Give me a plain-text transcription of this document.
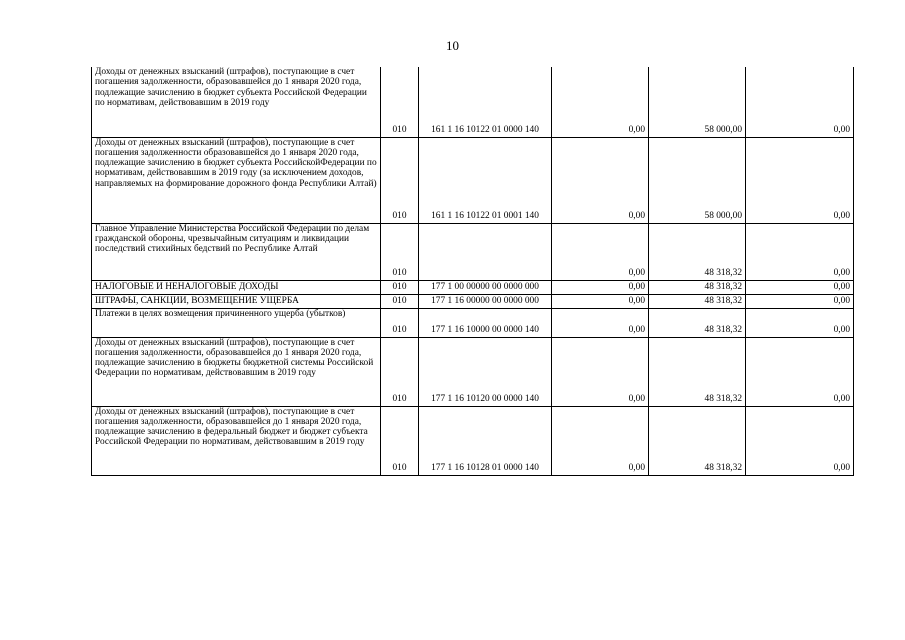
10
Доходы от денежных взысканий (штрафов), поступающие в счет погашения задолженности, образовавшейся до 1 января 2020 года, подлежащие зачислению в бюджет субъекта Российской Федерации по нормативам, действовавшим в 2019 году	010	161 1 16 10122 01 0000 140	0,00	58 000,00	0,00
Доходы от денежных взысканий (штрафов), поступающие в счет погашения задолженности образовавшейся до 1 января 2020 года, подлежащие зачислению в бюджет субъекта РоссийскойФедерации по нормативам, действовавшим в 2019 году (за исключением доходов, направляемых на формирование дорожного фонда Республики Алтай)	010	161 1 16 10122 01 0001 140	0,00	58 000,00	0,00
Главное Управление Министерства Российской Федерации по делам гражданской обороны, чрезвычайным ситуациям и ликвидации последствий стихийных бедствий по Республике Алтай	010		0,00	48 318,32	0,00
НАЛОГОВЫЕ И НЕНАЛОГОВЫЕ ДОХОДЫ	010	177 1 00 00000 00 0000 000	0,00	48 318,32	0,00
ШТРАФЫ, САНКЦИИ, ВОЗМЕЩЕНИЕ УЩЕРБА	010	177 1 16 00000 00 0000 000	0,00	48 318,32	0,00
Платежи в целях возмещения причиненного ущерба (убытков)	010	177 1 16 10000 00 0000 140	0,00	48 318,32	0,00
Доходы от денежных взысканий (штрафов), поступающие в счет погашения задолженности, образовавшейся до 1 января 2020 года, подлежащие зачислению в бюджеты бюджетной системы Российской Федерации по нормативам, действовавшим в 2019 году	010	177 1 16 10120 00 0000 140	0,00	48 318,32	0,00
Доходы от денежных взысканий (штрафов), поступающие в счет погашения задолженности, образовавшейся до 1 января 2020 года, подлежащие зачислению в федеральный бюджет и бюджет субъекта Российской Федерации по нормативам, действовавшим в 2019 году	010	177 1 16 10128 01 0000 140	0,00	48 318,32	0,00
